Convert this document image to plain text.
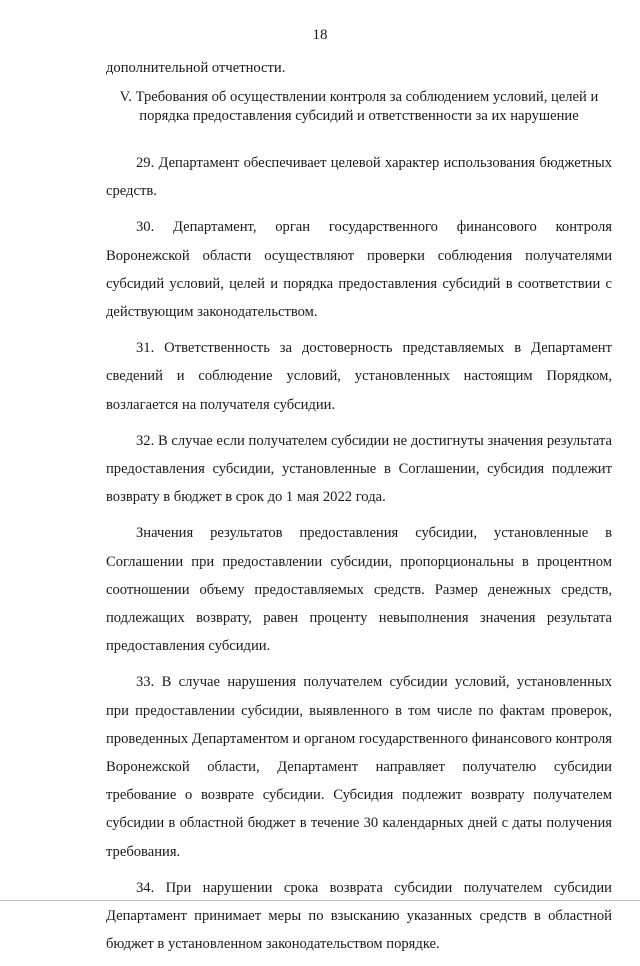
18
дополнительной отчетности.
V. Требования об осуществлении контроля за соблюдением условий, целей и порядка предоставления субсидий и ответственности за их нарушение

29. Департамент обеспечивает целевой характер использования бюджетных средств.

30. Департамент, орган государственного финансового контроля Воронежской области осуществляют проверки соблюдения получателями субсидий условий, целей и порядка предоставления субсидий в соответствии с действующим законодательством.

31. Ответственность за достоверность представляемых в Департамент сведений и соблюдение условий, установленных настоящим Порядком, возлагается на получателя субсидии.

32. В случае если получателем субсидии не достигнуты значения результата предоставления субсидии, установленные в Соглашении, субсидия подлежит возврату в бюджет в срок до 1 мая 2022 года.

Значения результатов предоставления субсидии, установленные в Соглашении при предоставлении субсидии, пропорциональны в процентном соотношении объему предоставляемых средств. Размер денежных средств, подлежащих возврату, равен проценту невыполнения значения результата предоставления субсидии.

33. В случае нарушения получателем субсидии условий, установленных при предоставлении субсидии, выявленного в том числе по фактам проверок, проведенных Департаментом и органом государственного финансового контроля Воронежской области, Департамент направляет получателю субсидии требование о возврате субсидии. Субсидия подлежит возврату получателем субсидии в областной бюджет в течение 30 календарных дней с даты получения требования.

34. При нарушении срока возврата субсидии получателем субсидии Департамент принимает меры по взысканию указанных средств в областной бюджет в установленном законодательством порядке.
